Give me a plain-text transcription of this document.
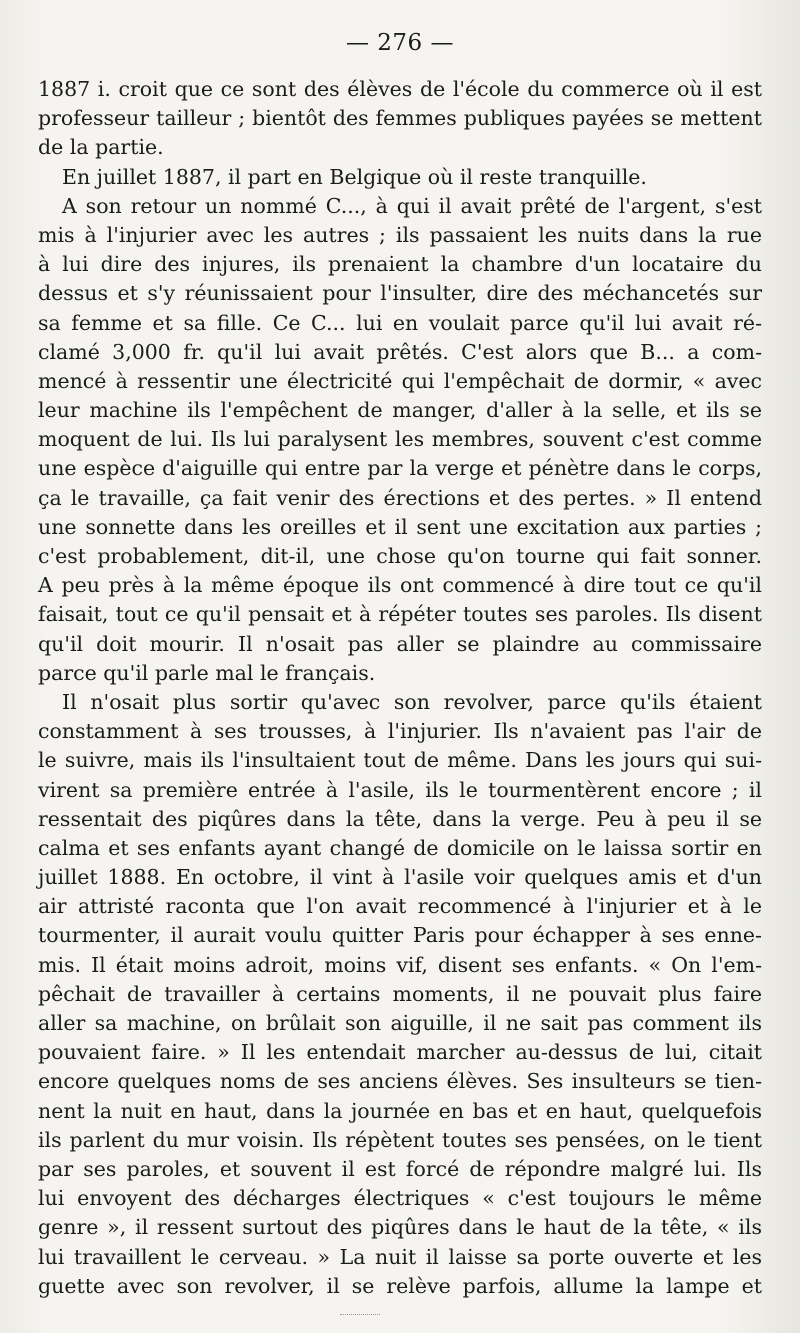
— 276 —
1887 i. croit que ce sont des élèves de l'école du commerce où il est
professeur tailleur ; bientôt des femmes publiques payées se mettent
de la partie.
En juillet 1887, il part en Belgique où il reste tranquille.
A son retour un nommé C..., à qui il avait prêté de l'argent, s'est
mis à l'injurier avec les autres ; ils passaient les nuits dans la rue
à lui dire des injures, ils prenaient la chambre d'un locataire du
dessus et s'y réunissaient pour l'insulter, dire des méchancetés sur
sa femme et sa fille. Ce C... lui en voulait parce qu'il lui avait ré-
clamé 3,000 fr. qu'il lui avait prêtés. C'est alors que B... a com-
mencé à ressentir une électricité qui l'empêchait de dormir, « avec
leur machine ils l'empêchent de manger, d'aller à la selle, et ils se
moquent de lui. Ils lui paralysent les membres, souvent c'est comme
une espèce d'aiguille qui entre par la verge et pénètre dans le corps,
ça le travaille, ça fait venir des érections et des pertes. » Il entend
une sonnette dans les oreilles et il sent une excitation aux parties ;
c'est probablement, dit-il, une chose qu'on tourne qui fait sonner.
A peu près à la même époque ils ont commencé à dire tout ce qu'il
faisait, tout ce qu'il pensait et à répéter toutes ses paroles. Ils disent
qu'il doit mourir. Il n'osait pas aller se plaindre au commissaire
parce qu'il parle mal le français.
Il n'osait plus sortir qu'avec son revolver, parce qu'ils étaient
constamment à ses trousses, à l'injurier. Ils n'avaient pas l'air de
le suivre, mais ils l'insultaient tout de même. Dans les jours qui sui-
virent sa première entrée à l'asile, ils le tourmentèrent encore ; il
ressentait des piqûres dans la tête, dans la verge. Peu à peu il se
calma et ses enfants ayant changé de domicile on le laissa sortir en
juillet 1888. En octobre, il vint à l'asile voir quelques amis et d'un
air attristé raconta que l'on avait recommencé à l'injurier et à le
tourmenter, il aurait voulu quitter Paris pour échapper à ses enne-
mis. Il était moins adroit, moins vif, disent ses enfants. « On l'em-
pêchait de travailler à certains moments, il ne pouvait plus faire
aller sa machine, on brûlait son aiguille, il ne sait pas comment ils
pouvaient faire. » Il les entendait marcher au-dessus de lui, citait
encore quelques noms de ses anciens élèves. Ses insulteurs se tien-
nent la nuit en haut, dans la journée en bas et en haut, quelquefois
ils parlent du mur voisin. Ils répètent toutes ses pensées, on le tient
par ses paroles, et souvent il est forcé de répondre malgré lui. Ils
lui envoyent des décharges électriques « c'est toujours le même
genre », il ressent surtout des piqûres dans le haut de la tête, « ils
lui travaillent le cerveau. » La nuit il laisse sa porte ouverte et les
guette avec son revolver, il se relève parfois, allume la lampe et
